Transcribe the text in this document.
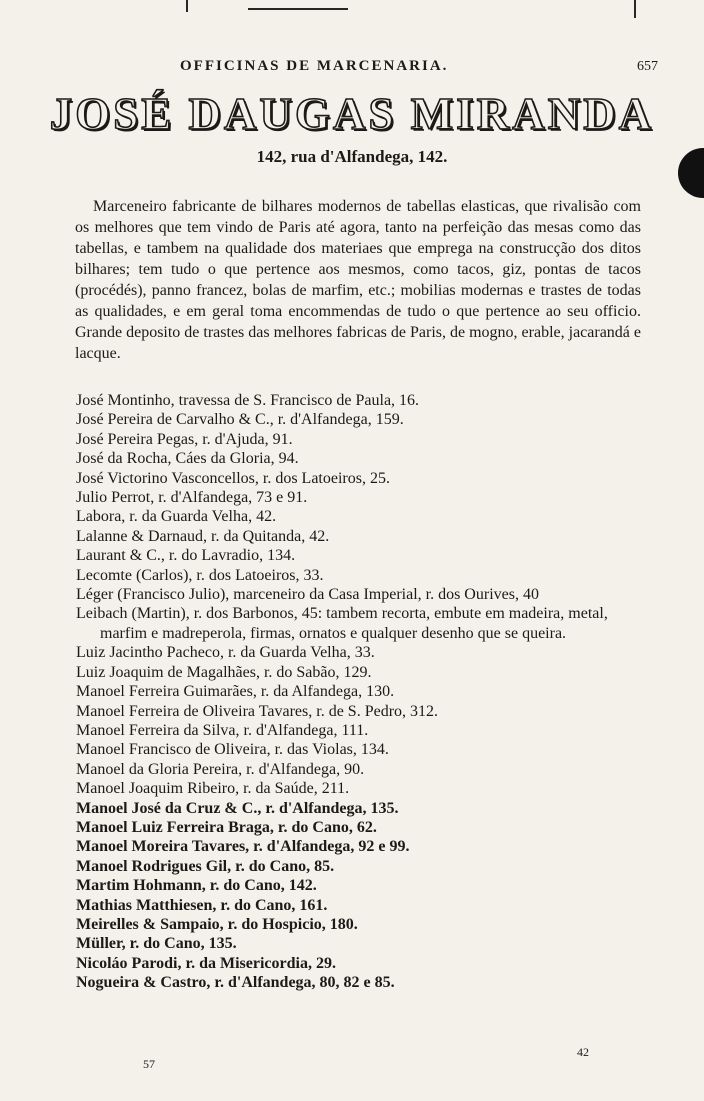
OFFICINAS DE MARCENARIA.	657
JOSÉ DAUGAS MIRANDA
142, rua d'Alfandega, 142.

Marceneiro fabricante de bilhares modernos de tabellas elasticas, que rivalisão com os melhores que tem vindo de Paris até agora, tanto na perfeição das mesas como das tabellas, e tambem na qualidade dos materiaes que emprega na construcção dos ditos bilhares; tem tudo o que pertence aos mesmos, como tacos, giz, pontas de tacos (procédés), panno francez, bolas de marfim, etc.; mobilias modernas e trastes de todas as qualidades, e em geral toma encommendas de tudo o que pertence ao seu officio. Grande deposito de trastes das melhores fabricas de Paris, de mogno, erable, jacarandá e lacque.

José Montinho, travessa de S. Francisco de Paula, 16.
José Pereira de Carvalho & C., r. d'Alfandega, 159.
José Pereira Pegas, r. d'Ajuda, 91.
José da Rocha, Cáes da Gloria, 94.
José Victorino Vasconcellos, r. dos Latoeiros, 25.
Julio Perrot, r. d'Alfandega, 73 e 91.
Labora, r. da Guarda Velha, 42.
Lalanne & Darnaud, r. da Quitanda, 42.
Laurant & C., r. do Lavradio, 134.
Lecomte (Carlos), r. dos Latoeiros, 33.
Léger (Francisco Julio), marceneiro da Casa Imperial, r. dos Ourives, 40
Leibach (Martin), r. dos Barbonos, 45: tambem recorta, embute em madeira, metal, marfim e madreperola, firmas, ornatos e qualquer desenho que se queira.
Luiz Jacintho Pacheco, r. da Guarda Velha, 33.
Luiz Joaquim de Magalhães, r. do Sabão, 129.
Manoel Ferreira Guimarães, r. da Alfandega, 130.
Manoel Ferreira de Oliveira Tavares, r. de S. Pedro, 312.
Manoel Ferreira da Silva, r. d'Alfandega, 111.
Manoel Francisco de Oliveira, r. das Violas, 134.
Manoel da Gloria Pereira, r. d'Alfandega, 90.
Manoel Joaquim Ribeiro, r. da Saúde, 211.
Manoel José da Cruz & C., r. d'Alfandega, 135.
Manoel Luiz Ferreira Braga, r. do Cano, 62.
Manoel Moreira Tavares, r. d'Alfandega, 92 e 99.
Manoel Rodrigues Gil, r. do Cano, 85.
Martim Hohmann, r. do Cano, 142.
Mathias Matthiesen, r. do Cano, 161.
Meirelles & Sampaio, r. do Hospicio, 180.
Müller, r. do Cano, 135.
Nicoláo Parodi, r. da Misericordia, 29.
Nogueira & Castro, r. d'Alfandega, 80, 82 e 85.
57
42
